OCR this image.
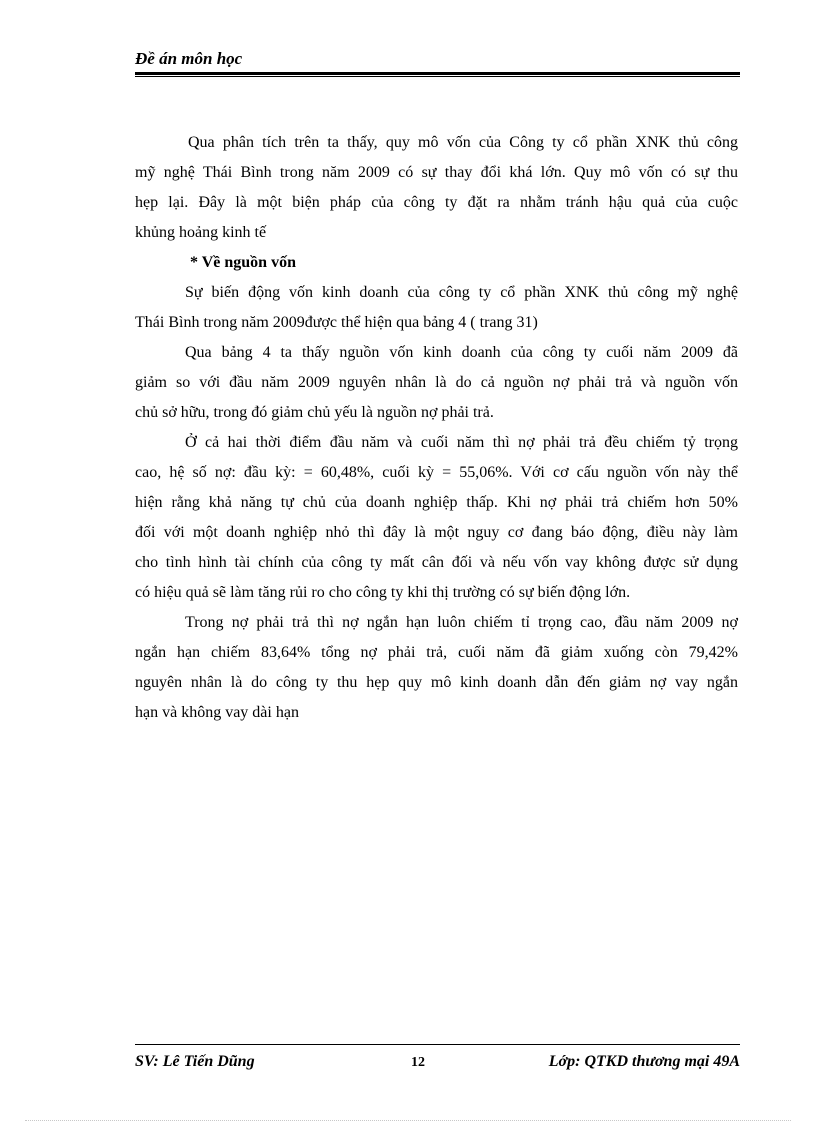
Đề án môn học

Qua phân tích trên ta thấy, quy mô vốn của Công ty cổ phần XNK thủ công
mỹ nghệ Thái Bình trong năm 2009 có sự thay đổi khá lớn. Quy mô vốn có sự thu
hẹp lại. Đây là một biện pháp của công ty đặt ra nhằm tránh hậu quả của cuộc
khủng hoảng kinh tế
* Về nguồn vốn
Sự biến động vốn kinh doanh của công ty cổ phần XNK thủ công mỹ nghệ
Thái Bình trong năm 2009được thể hiện qua bảng 4 ( trang 31)
Qua bảng 4 ta thấy nguồn vốn kinh doanh của công ty cuối năm 2009 đã
giảm so với đầu năm 2009 nguyên nhân là do cả nguồn nợ phải trả và nguồn vốn
chủ sở hữu, trong đó giảm chủ yếu là nguồn nợ phải trả.
Ở cả hai thời điểm đầu năm và cuối năm thì nợ phải trả đều chiếm tỷ trọng
cao, hệ số nợ: đầu kỳ: = 60,48%, cuối kỳ = 55,06%. Với cơ cấu nguồn vốn này thể
hiện rằng khả năng tự chủ của doanh nghiệp thấp. Khi nợ phải trả chiếm hơn 50%
đối với một doanh nghiệp nhỏ thì đây là một nguy cơ đang báo động, điều này làm
cho tình hình tài chính của công ty mất cân đối và nếu vốn vay không được sử dụng
có hiệu quả sẽ làm tăng rủi ro cho công ty khi thị trường có sự biến động lớn.
Trong nợ phải trả thì nợ ngắn hạn luôn chiếm tỉ trọng cao, đầu năm 2009 nợ
ngắn hạn chiếm 83,64% tổng nợ phải trả, cuối năm đã giảm xuống còn 79,42%
nguyên nhân là do công ty thu hẹp quy mô kinh doanh dẫn đến giảm nợ vay ngắn
hạn và không vay dài hạn
SV: Lê Tiến Dũng	12	Lớp: QTKD thương mại 49A
